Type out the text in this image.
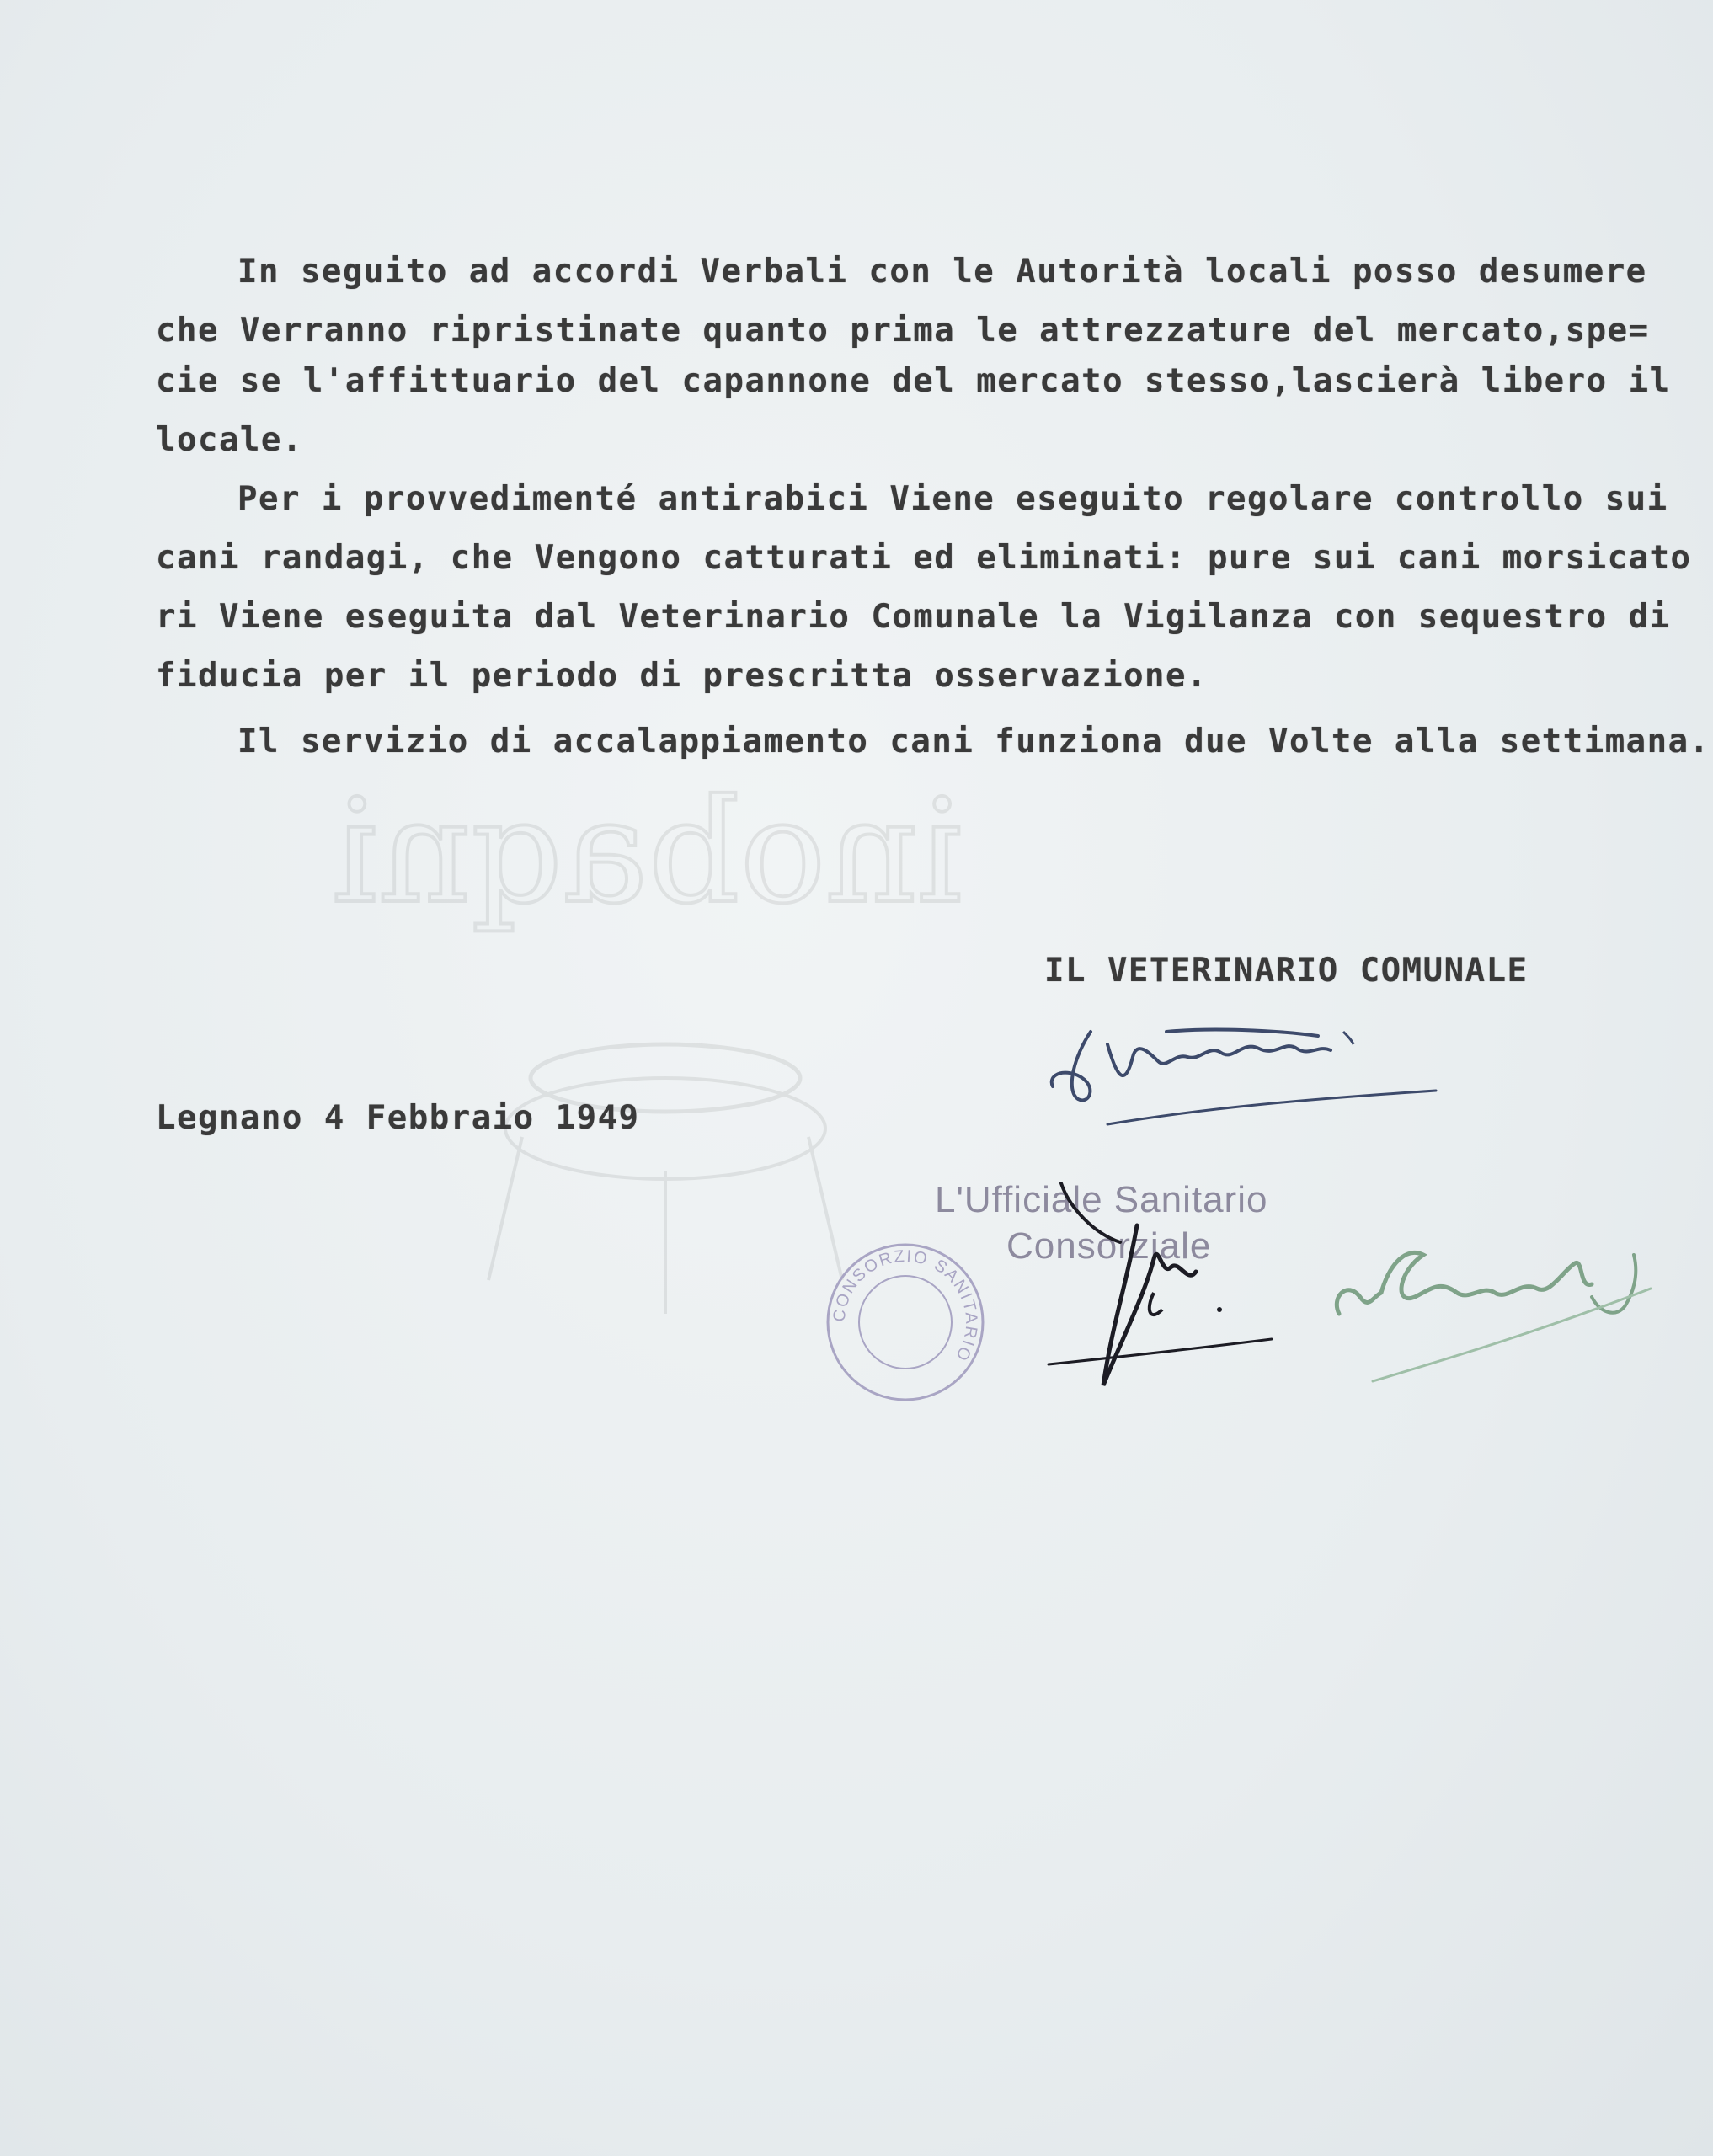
inobaqni
In seguito ad accordi Verbali con le Autorità locali posso desumere
che Verranno ripristinate quanto prima le attrezzature del mercato,spe=
cie se l'affittuario del capannone del mercato stesso,lascierà libero il
locale.
Per i provvedimenté antirabici Viene eseguito regolare controllo sui
cani randagi, che Vengono catturati ed eliminati: pure sui cani morsicato
ri Viene eseguita dal Veterinario Comunale la Vigilanza con sequestro di
fiducia per il periodo di prescritta osservazione.
Il servizio di accalappiamento cani funziona due Volte alla settimana.
IL VETERINARIO COMUNALE
Legnano 4 Febbraio 1949
L'Ufficiale Sanitario
Consorziale
CONSORZIO SANITARIO
